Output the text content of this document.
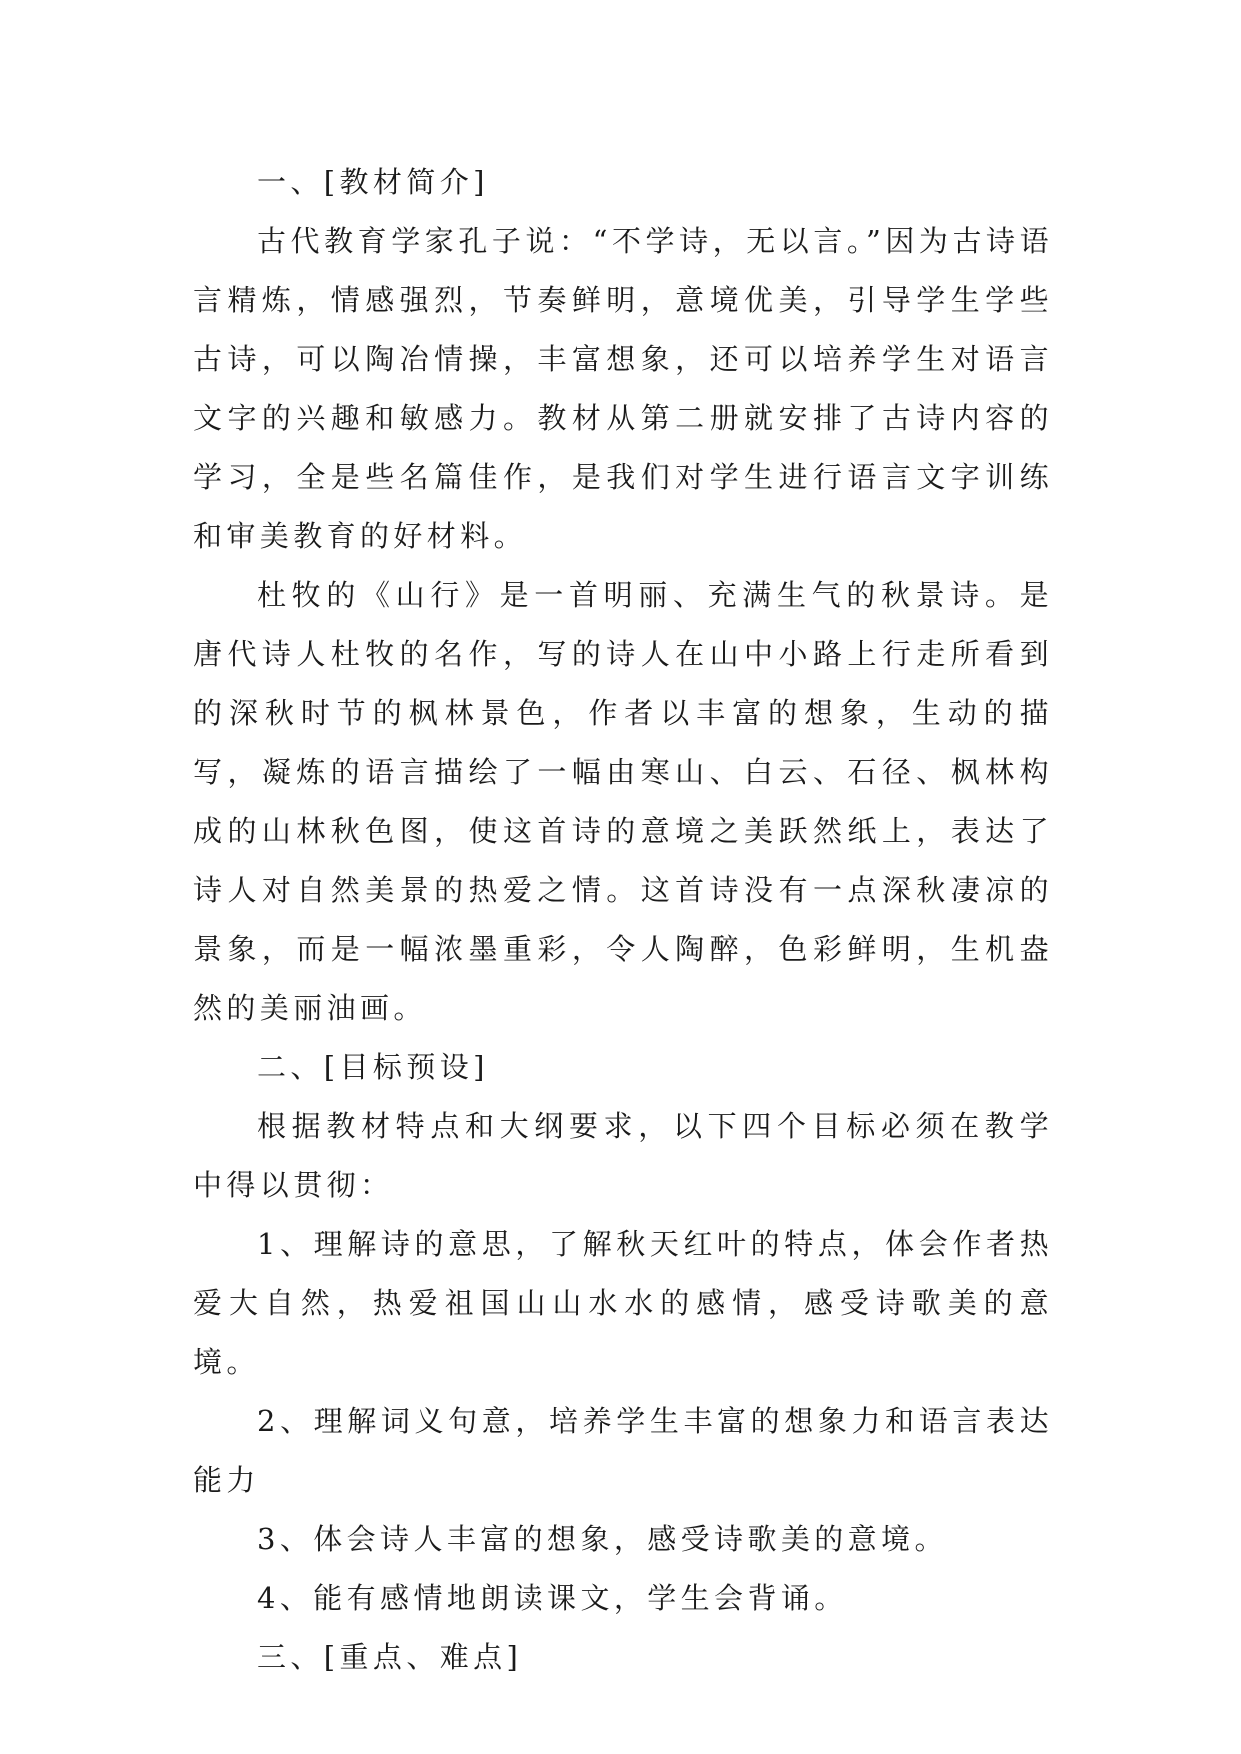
一、[教材简介]

古代教育学家孔子说：“不学诗，无以言。”因为古诗语言精炼，情感强烈，节奏鲜明，意境优美，引导学生学些古诗，可以陶冶情操，丰富想象，还可以培养学生对语言文字的兴趣和敏感力。教材从第二册就安排了古诗内容的学习，全是些名篇佳作，是我们对学生进行语言文字训练和审美教育的好材料。

杜牧的《山行》是一首明丽、充满生气的秋景诗。是唐代诗人杜牧的名作，写的诗人在山中小路上行走所看到的深秋时节的枫林景色，作者以丰富的想象，生动的描写，凝炼的语言描绘了一幅由寒山、白云、石径、枫林构成的山林秋色图，使这首诗的意境之美跃然纸上，表达了诗人对自然美景的热爱之情。这首诗没有一点深秋凄凉的景象，而是一幅浓墨重彩，令人陶醉，色彩鲜明，生机盎然的美丽油画。

二、[目标预设]

根据教材特点和大纲要求，以下四个目标必须在教学中得以贯彻：

1、理解诗的意思，了解秋天红叶的特点，体会作者热爱大自然，热爱祖国山山水水的感情，感受诗歌美的意境。

2、理解词义句意，培养学生丰富的想象力和语言表达能力

3、体会诗人丰富的想象，感受诗歌美的意境。

4、能有感情地朗读课文，学生会背诵。

三、[重点、难点]
